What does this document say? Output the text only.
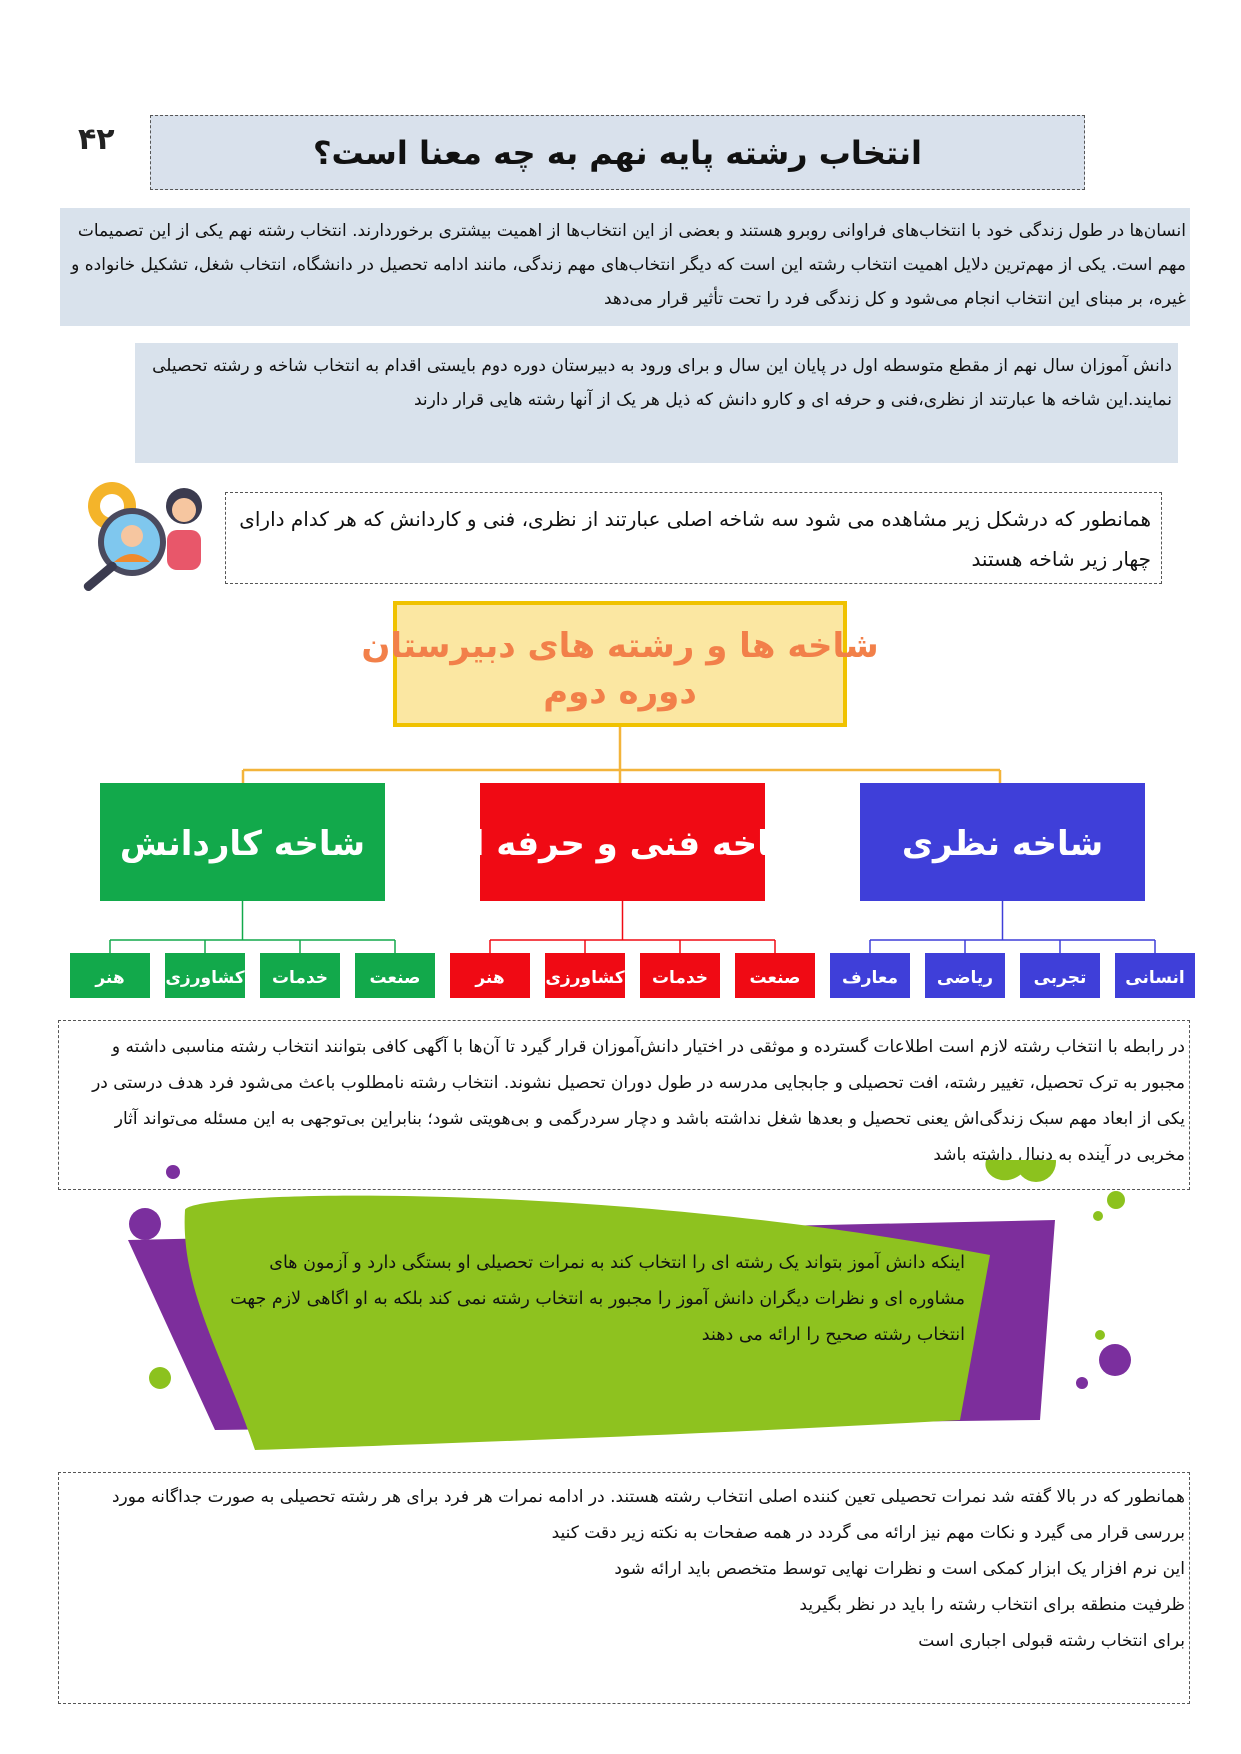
۴۲	انتخاب رشته پایه نهم به چه معنا است؟
انسان‌ها در طول زندگی خود با انتخاب‌های فراوانی روبرو هستند و بعضی از این انتخاب‌ها از اهمیت بیشتری برخوردارند. انتخاب رشته نهم یکی از این تصمیمات مهم است. یکی از مهم‌ترین دلایل اهمیت انتخاب رشته این است که دیگر انتخاب‌های مهم زندگی، مانند ادامه تحصیل در دانشگاه، انتخاب شغل، تشکیل خانواده و غیره، بر مبنای این انتخاب انجام می‌شود و کل زندگی فرد را تحت تأثیر قرار می‌دهد
دانش آموزان سال نهم از مقطع متوسطه اول در پایان این سال و برای ورود به دبیرستان دوره دوم بایستی اقدام به انتخاب شاخه و رشته تحصیلی نمایند.این شاخه ها عبارتند از نظری،فنی و حرفه ای و کارو دانش که ذیل هر یک از آنها رشته هایی قرار دارند
همانطور که درشکل زیر مشاهده می شود سه شاخه اصلی عبارتند از نظری، فنی و کاردانش که هر کدام دارای چهار زیر شاخه هستند
شاخه ها و رشته های دبیرستان
دوره دوم
شاخه نظری
انسانی
تجربی
ریاضی
معارف
شاخه فنی و حرفه ای
صنعت
خدمات
کشاورزی
هنر
شاخه کاردانش
صنعت
خدمات
کشاورزی
هنر
در رابطه با انتخاب رشته لازم است اطلاعات گسترده و موثقی در اختیار دانش‌آموزان قرار گیرد تا آن‌ها با آگهی کافی بتوانند انتخاب رشته مناسبی داشته و مجبور به ترک تحصیل، تغییر رشته، افت تحصیلی و جابجایی مدرسه در طول دوران تحصیل نشوند. انتخاب رشته نامطلوب باعث می‌شود فرد هدف درستی در یکی از ابعاد مهم سبک زندگی‌اش یعنی تحصیل و بعدها شغل نداشته باشد و دچار سردرگمی و بی‌هویتی شود؛ بنابراین بی‌توجهی به این مسئله می‌تواند آثار مخربی در آینده به دنبال داشته باشد
اینکه دانش آموز بتواند یک رشته ای را انتخاب کند به نمرات تحصیلی او بستگی دارد و آزمون های مشاوره ای و نظرات دیگران دانش آموز را مجبور به انتخاب رشته نمی کند بلکه به او اگاهی لازم جهت انتخاب رشته صحیح را ارائه می دهند
همانطور که در بالا گفته شد نمرات تحصیلی تعین کننده اصلی انتخاب رشته هستند. در ادامه نمرات هر فرد برای هر رشته تحصیلی به صورت جداگانه مورد
بررسی قرار می گیرد و نکات مهم نیز ارائه می گردد در همه صفحات به نکته زیر دقت کنید
این نرم افزار یک ابزار کمکی است و نظرات نهایی توسط متخصص باید ارائه شود
ظرفیت منطقه برای انتخاب رشته را باید در نظر بگیرید
برای انتخاب رشته قبولی اجباری است
